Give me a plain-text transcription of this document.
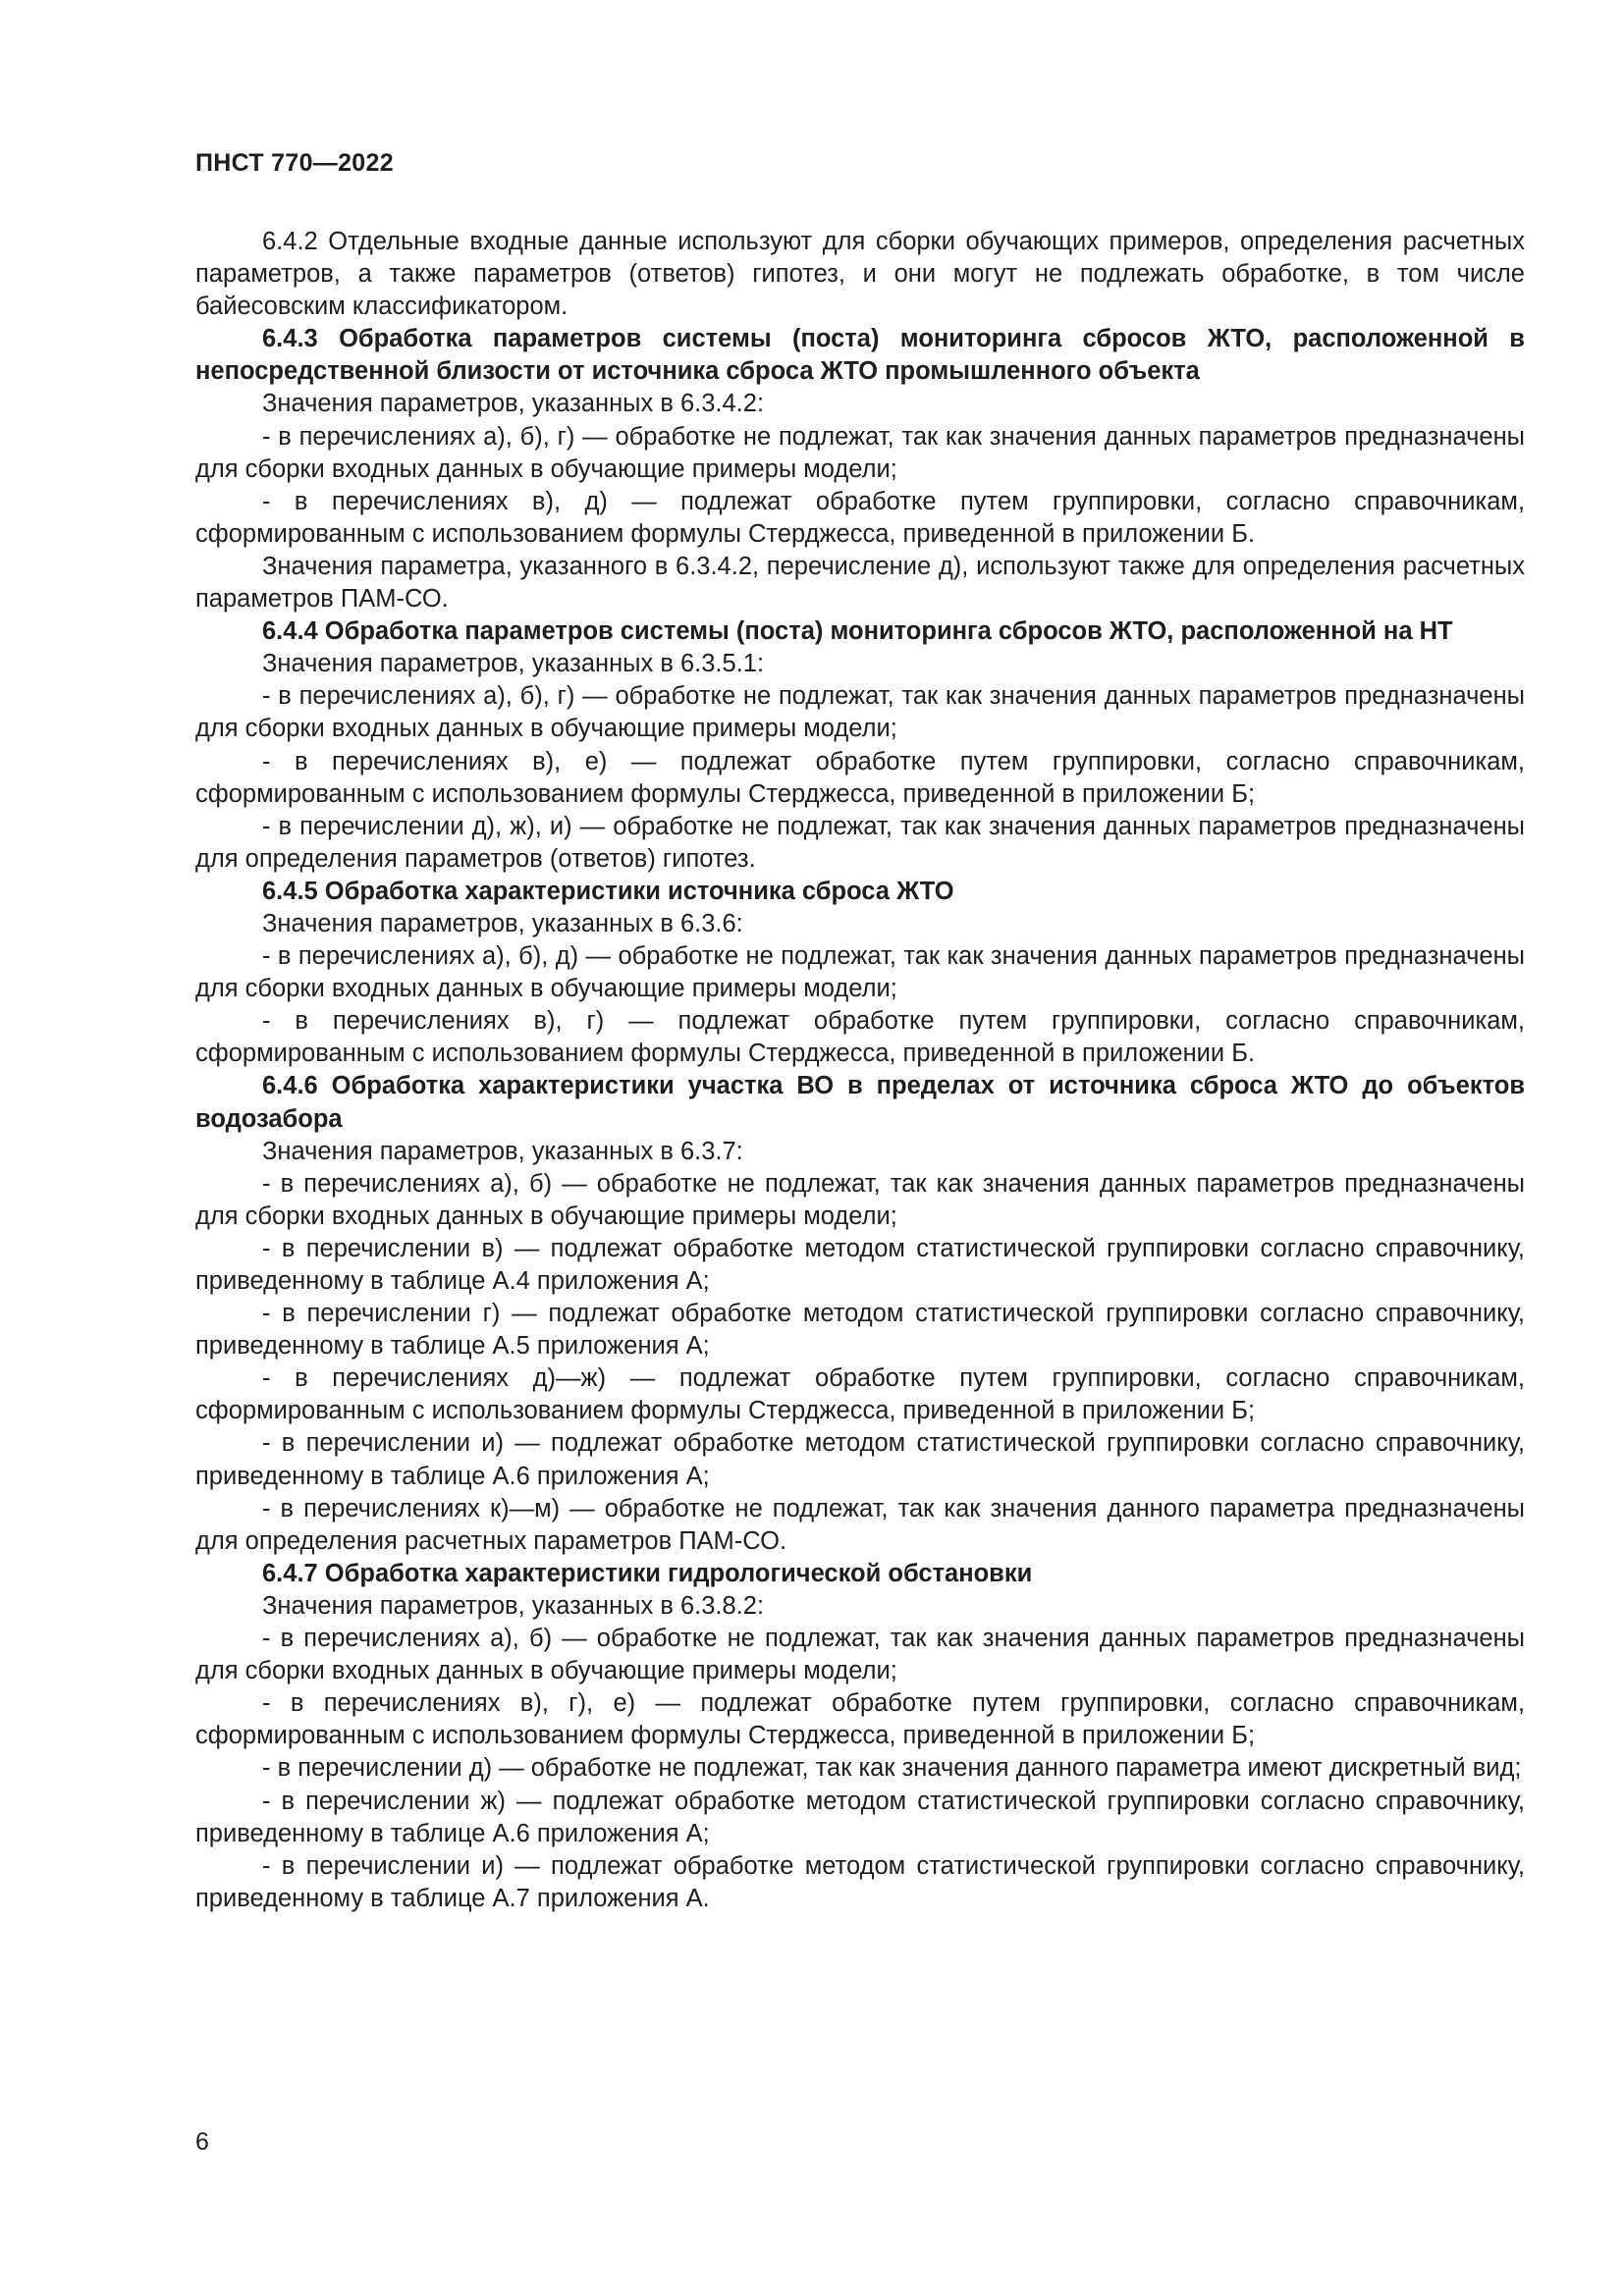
ПНСТ 770—2022

6.4.2 Отдельные входные данные используют для сборки обучающих примеров, определения расчетных параметров, а также параметров (ответов) гипотез, и они могут не подлежать обработке, в том числе байесовским классификатором.

6.4.3 Обработка параметров системы (поста) мониторинга сбросов ЖТО, расположенной в непосредственной близости от источника сброса ЖТО промышленного объекта

Значения параметров, указанных в 6.3.4.2:

- в перечислениях а), б), г) — обработке не подлежат, так как значения данных параметров предназначены для сборки входных данных в обучающие примеры модели;

- в перечислениях в), д) — подлежат обработке путем группировки, согласно справочникам, сформированным с использованием формулы Стерджесса, приведенной в приложении Б.

Значения параметра, указанного в 6.3.4.2, перечисление д), используют также для определения расчетных параметров ПАМ-СО.

6.4.4 Обработка параметров системы (поста) мониторинга сбросов ЖТО, расположенной на НТ

Значения параметров, указанных в 6.3.5.1:

- в перечислениях а), б), г) — обработке не подлежат, так как значения данных параметров предназначены для сборки входных данных в обучающие примеры модели;

- в перечислениях в), е) — подлежат обработке путем группировки, согласно справочникам, сформированным с использованием формулы Стерджесса, приведенной в приложении Б;

- в перечислении д), ж), и) — обработке не подлежат, так как значения данных параметров предназначены для определения параметров (ответов) гипотез.

6.4.5 Обработка характеристики источника сброса ЖТО

Значения параметров, указанных в 6.3.6:

- в перечислениях а), б), д) — обработке не подлежат, так как значения данных параметров предназначены для сборки входных данных в обучающие примеры модели;

- в перечислениях в), г) — подлежат обработке путем группировки, согласно справочникам, сформированным с использованием формулы Стерджесса, приведенной в приложении Б.

6.4.6 Обработка характеристики участка ВО в пределах от источника сброса ЖТО до объектов водозабора

Значения параметров, указанных в 6.3.7:

- в перечислениях а), б) — обработке не подлежат, так как значения данных параметров предназначены для сборки входных данных в обучающие примеры модели;

- в перечислении в) — подлежат обработке методом статистической группировки согласно справочнику, приведенному в таблице А.4 приложения А;

- в перечислении г) — подлежат обработке методом статистической группировки согласно справочнику, приведенному в таблице А.5 приложения А;

- в перечислениях д)—ж) — подлежат обработке путем группировки, согласно справочникам, сформированным с использованием формулы Стерджесса, приведенной в приложении Б;

- в перечислении и) — подлежат обработке методом статистической группировки согласно справочнику, приведенному в таблице А.6 приложения А;

- в перечислениях к)—м) — обработке не подлежат, так как значения данного параметра предназначены для определения расчетных параметров ПАМ-СО.

6.4.7 Обработка характеристики гидрологической обстановки

Значения параметров, указанных в 6.3.8.2:

- в перечислениях а), б) — обработке не подлежат, так как значения данных параметров предназначены для сборки входных данных в обучающие примеры модели;

- в перечислениях в), г), е) — подлежат обработке путем группировки, согласно справочникам, сформированным с использованием формулы Стерджесса, приведенной в приложении Б;

- в перечислении д) — обработке не подлежат, так как значения данного параметра имеют дискретный вид;

- в перечислении ж) — подлежат обработке методом статистической группировки согласно справочнику, приведенному в таблице А.6 приложения А;

- в перечислении и) — подлежат обработке методом статистической группировки согласно справочнику, приведенному в таблице А.7 приложения А.

6
